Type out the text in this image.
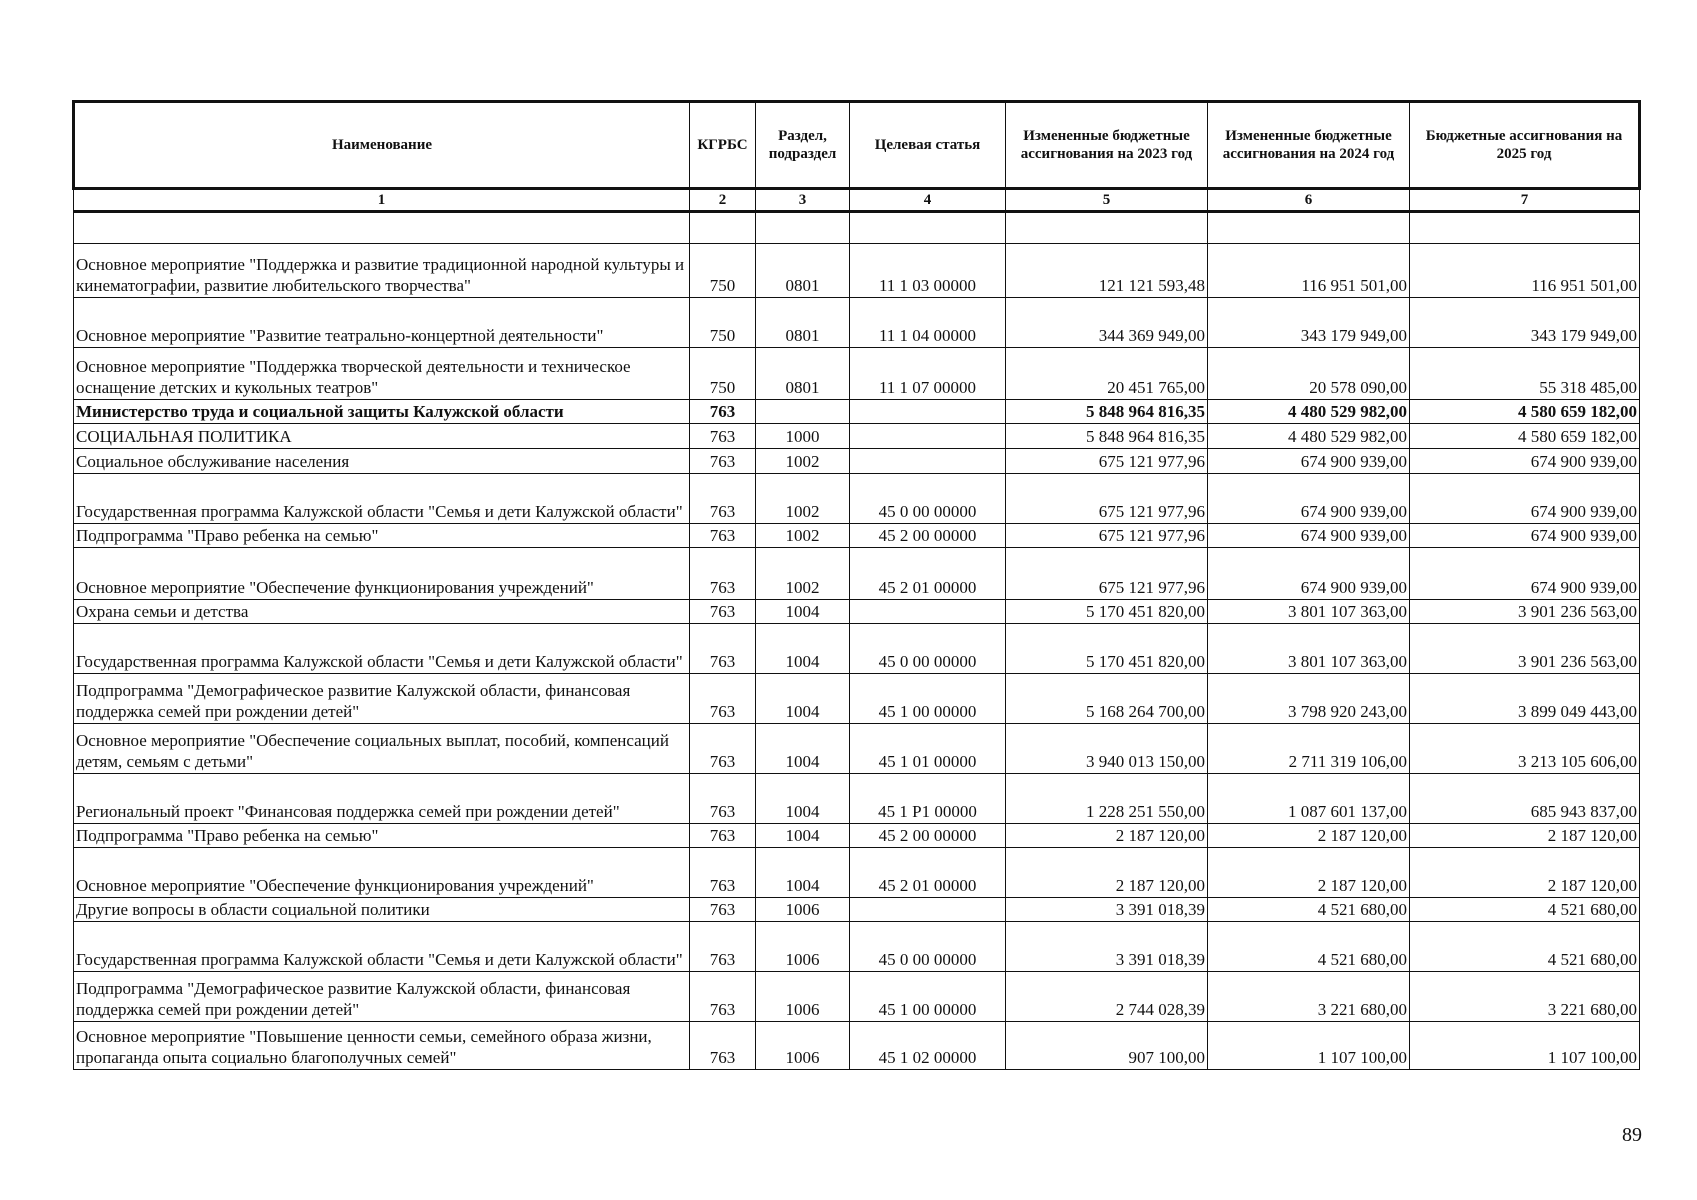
Наименование	КГРБС	Раздел, подраздел	Целевая статья	Измененные бюджетные ассигнования на 2023 год	Измененные бюджетные ассигнования на 2024 год	Бюджетные ассигнования на 2025 год
1	2	3	4	5	6	7

Основное мероприятие "Поддержка и развитие традиционной народной культуры и кинематографии, развитие любительского творчества"	750	0801	11 1 03 00000	121 121 593,48	116 951 501,00	116 951 501,00
Основное мероприятие "Развитие театрально-концертной деятельности"	750	0801	11 1 04 00000	344 369 949,00	343 179 949,00	343 179 949,00
Основное мероприятие "Поддержка творческой деятельности и техническое оснащение детских и кукольных театров"	750	0801	11 1 07 00000	20 451 765,00	20 578 090,00	55 318 485,00
Министерство труда и социальной защиты Калужской области	763			5 848 964 816,35	4 480 529 982,00	4 580 659 182,00
СОЦИАЛЬНАЯ ПОЛИТИКА	763	1000		5 848 964 816,35	4 480 529 982,00	4 580 659 182,00
Социальное обслуживание населения	763	1002		675 121 977,96	674 900 939,00	674 900 939,00
Государственная программа Калужской области "Семья и дети Калужской области"	763	1002	45 0 00 00000	675 121 977,96	674 900 939,00	674 900 939,00
Подпрограмма "Право ребенка на семью"	763	1002	45 2 00 00000	675 121 977,96	674 900 939,00	674 900 939,00
Основное мероприятие "Обеспечение функционирования учреждений"	763	1002	45 2 01 00000	675 121 977,96	674 900 939,00	674 900 939,00
Охрана семьи и детства	763	1004		5 170 451 820,00	3 801 107 363,00	3 901 236 563,00
Государственная программа Калужской области "Семья и дети Калужской области"	763	1004	45 0 00 00000	5 170 451 820,00	3 801 107 363,00	3 901 236 563,00
Подпрограмма "Демографическое развитие Калужской области, финансовая поддержка семей при рождении детей"	763	1004	45 1 00 00000	5 168 264 700,00	3 798 920 243,00	3 899 049 443,00
Основное мероприятие "Обеспечение социальных выплат, пособий, компенсаций детям, семьям с детьми"	763	1004	45 1 01 00000	3 940 013 150,00	2 711 319 106,00	3 213 105 606,00
Региональный проект "Финансовая поддержка семей при рождении детей"	763	1004	45 1 P1 00000	1 228 251 550,00	1 087 601 137,00	685 943 837,00
Подпрограмма "Право ребенка на семью"	763	1004	45 2 00 00000	2 187 120,00	2 187 120,00	2 187 120,00
Основное мероприятие "Обеспечение функционирования учреждений"	763	1004	45 2 01 00000	2 187 120,00	2 187 120,00	2 187 120,00
Другие вопросы в области социальной политики	763	1006		3 391 018,39	4 521 680,00	4 521 680,00
Государственная программа Калужской области "Семья и дети Калужской области"	763	1006	45 0 00 00000	3 391 018,39	4 521 680,00	4 521 680,00
Подпрограмма "Демографическое развитие Калужской области, финансовая поддержка семей при рождении детей"	763	1006	45 1 00 00000	2 744 028,39	3 221 680,00	3 221 680,00
Основное мероприятие "Повышение ценности семьи, семейного образа жизни, пропаганда опыта социально благополучных семей"	763	1006	45 1 02 00000	907 100,00	1 107 100,00	1 107 100,00
89
